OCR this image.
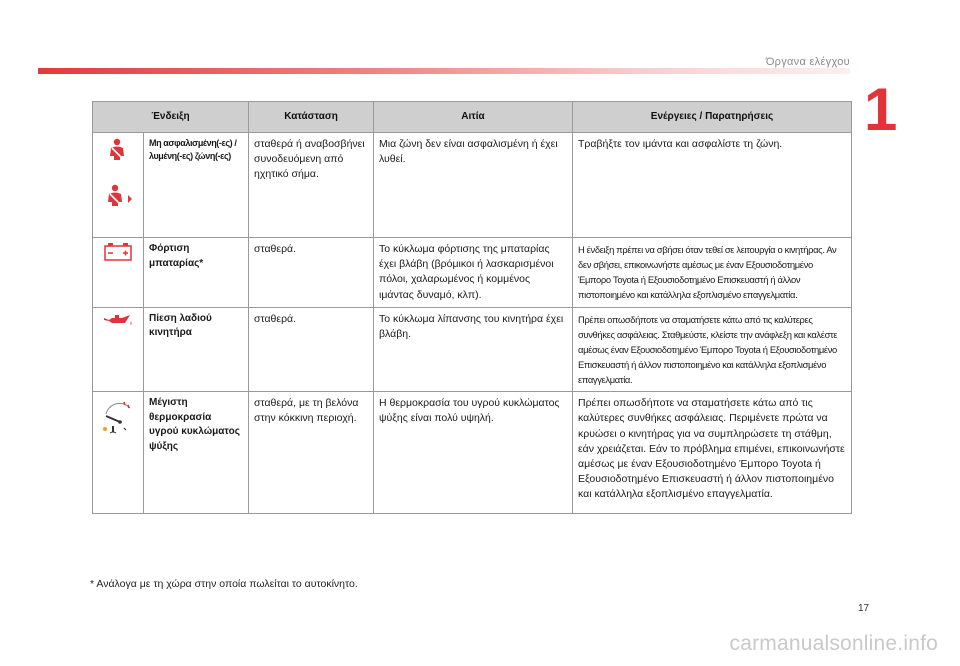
Όργανα ελέγχου
1
Ένδειξη		Κατάσταση	Αιτία	Ενέργειες / Παρατηρήσεις

	Μη ασφαλισμένη(-ες) / λυμένη(-ες) ζώνη(-ες)	σταθερά ή αναβοσβήνει συνοδευόμενη από ηχητικό σήμα.	Μια ζώνη δεν είναι ασφαλισμένη ή έχει λυθεί.	Τραβήξτε τον ιμάντα και ασφαλίστε τη ζώνη.

	Φόρτιση μπαταρίας*	σταθερά.	Το κύκλωμα φόρτισης της μπαταρίας έχει βλάβη (βρόμικοι ή λασκαρισμένοι πόλοι, χαλαρωμένος ή κομμένος ιμάντας δυναμό, κλπ).	Η ένδειξη πρέπει να σβήσει όταν τεθεί σε λειτουργία ο κινητήρας. Αν δεν σβήσει, επικοινωνήστε αμέσως με έναν Εξουσιοδοτημένο Έμπορο Toyota ή Εξουσιοδοτημένο Επισκευαστή ή άλλον πιστοποιημένο και κατάλληλα εξοπλισμένο επαγγελματία.

	Πίεση λαδιού κινητήρα	σταθερά.	Το κύκλωμα λίπανσης του κινητήρα έχει βλάβη.	Πρέπει οπωσδήποτε να σταματήσετε κάτω από τις καλύτερες συνθήκες ασφάλειας. Σταθμεύστε, κλείστε την ανάφλεξη και καλέστε αμέσως έναν Εξουσιοδοτημένο Έμπορο Toyota ή Εξουσιοδοτημένο Επισκευαστή ή άλλον πιστοποιημένο και κατάλληλα εξοπλισμένο επαγγελματία.

	Μέγιστη θερμοκρασία υγρού κυκλώματος ψύξης	σταθερά, με τη βελόνα στην κόκκινη περιοχή.	Η θερμοκρασία του υγρού κυκλώματος ψύξης είναι πολύ υψηλή.	Πρέπει οπωσδήποτε να σταματήσετε κάτω από τις καλύτερες συνθήκες ασφάλειας. Περιμένετε πρώτα να κρυώσει ο κινητήρας για να συμπληρώσετε τη στάθμη, εάν χρειάζεται. Εάν το πρόβλημα επιμένει, επικοινωνήστε αμέσως με έναν Εξουσιοδοτημένο Έμπορο Toyota ή Εξουσιοδοτημένο Επισκευαστή ή άλλον πιστοποιημένο και κατάλληλα εξοπλισμένο επαγγελματία.
* Ανάλογα με τη χώρα στην οποία πωλείται το αυτοκίνητο.
17
carmanualsonline.info
